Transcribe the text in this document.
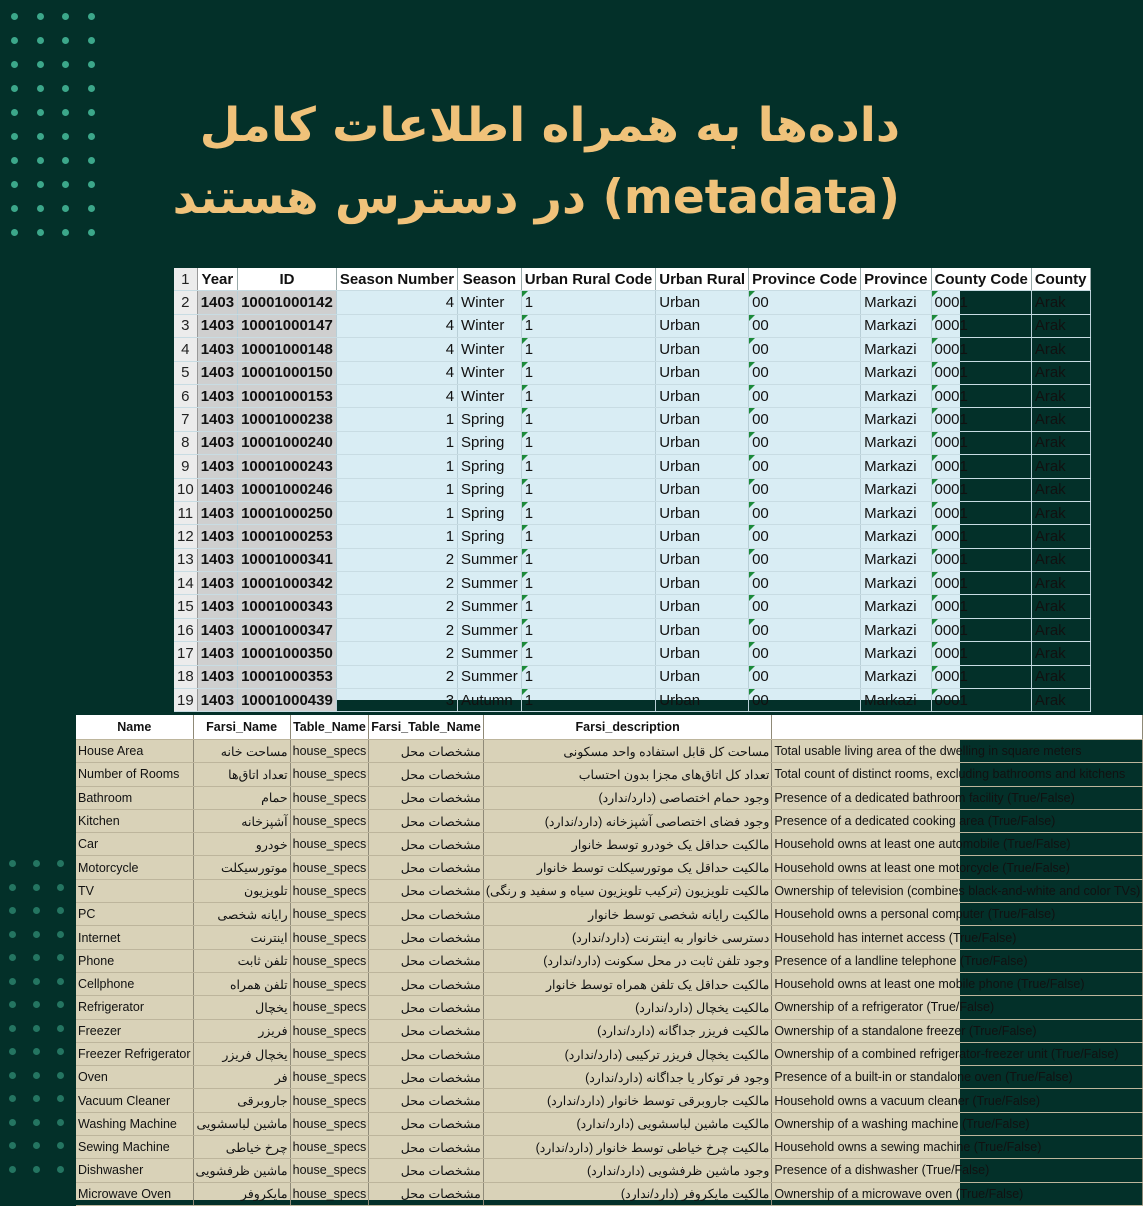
داده‌ها به همراه اطلاعات کامل
در دسترس هستند (metadata)
1	Year	ID	Season Number	Season	Urban Rural Code	Urban Rural	Province Code	Province	County Code	County
2	1403	10001000142	4	Winter	1	Urban	00	Markazi	0001	Arak
3	1403	10001000147	4	Winter	1	Urban	00	Markazi	0001	Arak
4	1403	10001000148	4	Winter	1	Urban	00	Markazi	0001	Arak
5	1403	10001000150	4	Winter	1	Urban	00	Markazi	0001	Arak
6	1403	10001000153	4	Winter	1	Urban	00	Markazi	0001	Arak
7	1403	10001000238	1	Spring	1	Urban	00	Markazi	0001	Arak
8	1403	10001000240	1	Spring	1	Urban	00	Markazi	0001	Arak
9	1403	10001000243	1	Spring	1	Urban	00	Markazi	0001	Arak
10	1403	10001000246	1	Spring	1	Urban	00	Markazi	0001	Arak
11	1403	10001000250	1	Spring	1	Urban	00	Markazi	0001	Arak
12	1403	10001000253	1	Spring	1	Urban	00	Markazi	0001	Arak
13	1403	10001000341	2	Summer	1	Urban	00	Markazi	0001	Arak
14	1403	10001000342	2	Summer	1	Urban	00	Markazi	0001	Arak
15	1403	10001000343	2	Summer	1	Urban	00	Markazi	0001	Arak
16	1403	10001000347	2	Summer	1	Urban	00	Markazi	0001	Arak
17	1403	10001000350	2	Summer	1	Urban	00	Markazi	0001	Arak
18	1403	10001000353	2	Summer	1	Urban	00	Markazi	0001	Arak
19	1403	10001000439	3	Autumn	1	Urban	00	Markazi	0001	Arak
Name	Farsi_Name	Table_Name	Farsi_Table_Name	Farsi_description	
House Area	مساحت خانه	house_specs	مشخصات محل	مساحت کل قابل استفاده واحد مسکونی	Total usable living area of the dwelling in square meters
Number of Rooms	تعداد اتاق‌ها	house_specs	مشخصات محل	تعداد کل اتاق‌های مجزا بدون احتساب	Total count of distinct rooms, excluding bathrooms and kitchens
Bathroom	حمام	house_specs	مشخصات محل	وجود حمام اختصاصی (دارد/ندارد)	Presence of a dedicated bathroom facility (True/False)
Kitchen	آشپزخانه	house_specs	مشخصات محل	وجود فضای اختصاصی آشپزخانه (دارد/ندارد)	Presence of a dedicated cooking area (True/False)
Car	خودرو	house_specs	مشخصات محل	مالکیت حداقل یک خودرو توسط خانوار	Household owns at least one automobile (True/False)
Motorcycle	موتورسیکلت	house_specs	مشخصات محل	مالکیت حداقل یک موتورسیکلت توسط خانوار	Household owns at least one motorcycle (True/False)
TV	تلویزیون	house_specs	مشخصات محل	مالکیت تلویزیون (ترکیب تلویزیون سیاه و سفید و رنگی)	Ownership of television (combines black-and-white and color TVs)
PC	رایانه شخصی	house_specs	مشخصات محل	مالکیت رایانه شخصی توسط خانوار	Household owns a personal computer (True/False)
Internet	اینترنت	house_specs	مشخصات محل	دسترسی خانوار به اینترنت (دارد/ندارد)	Household has internet access (True/False)
Phone	تلفن ثابت	house_specs	مشخصات محل	وجود تلفن ثابت در محل سکونت (دارد/ندارد)	Presence of a landline telephone (True/False)
Cellphone	تلفن همراه	house_specs	مشخصات محل	مالکیت حداقل یک تلفن همراه توسط خانوار	Household owns at least one mobile phone (True/False)
Refrigerator	یخچال	house_specs	مشخصات محل	مالکیت یخچال (دارد/ندارد)	Ownership of a refrigerator (True/False)
Freezer	فریزر	house_specs	مشخصات محل	مالکیت فریزر جداگانه (دارد/ندارد)	Ownership of a standalone freezer (True/False)
Freezer Refrigerator	یخچال فریزر	house_specs	مشخصات محل	مالکیت یخچال فریزر ترکیبی (دارد/ندارد)	Ownership of a combined refrigerator-freezer unit (True/False)
Oven	فر	house_specs	مشخصات محل	وجود فر توکار یا جداگانه (دارد/ندارد)	Presence of a built-in or standalone oven (True/False)
Vacuum Cleaner	جاروبرقی	house_specs	مشخصات محل	مالکیت جاروبرقی توسط خانوار (دارد/ندارد)	Household owns a vacuum cleaner (True/False)
Washing Machine	ماشین لباسشویی	house_specs	مشخصات محل	مالکیت ماشین لباسشویی (دارد/ندارد)	Ownership of a washing machine (True/False)
Sewing Machine	چرخ خیاطی	house_specs	مشخصات محل	مالکیت چرخ خیاطی توسط خانوار (دارد/ندارد)	Household owns a sewing machine (True/False)
Dishwasher	ماشین ظرفشویی	house_specs	مشخصات محل	وجود ماشین ظرفشویی (دارد/ندارد)	Presence of a dishwasher (True/False)
Microwave Oven	مایکروفر	house_specs	مشخصات محل	مالکیت مایکروفر (دارد/ندارد)	Ownership of a microwave oven (True/False)
